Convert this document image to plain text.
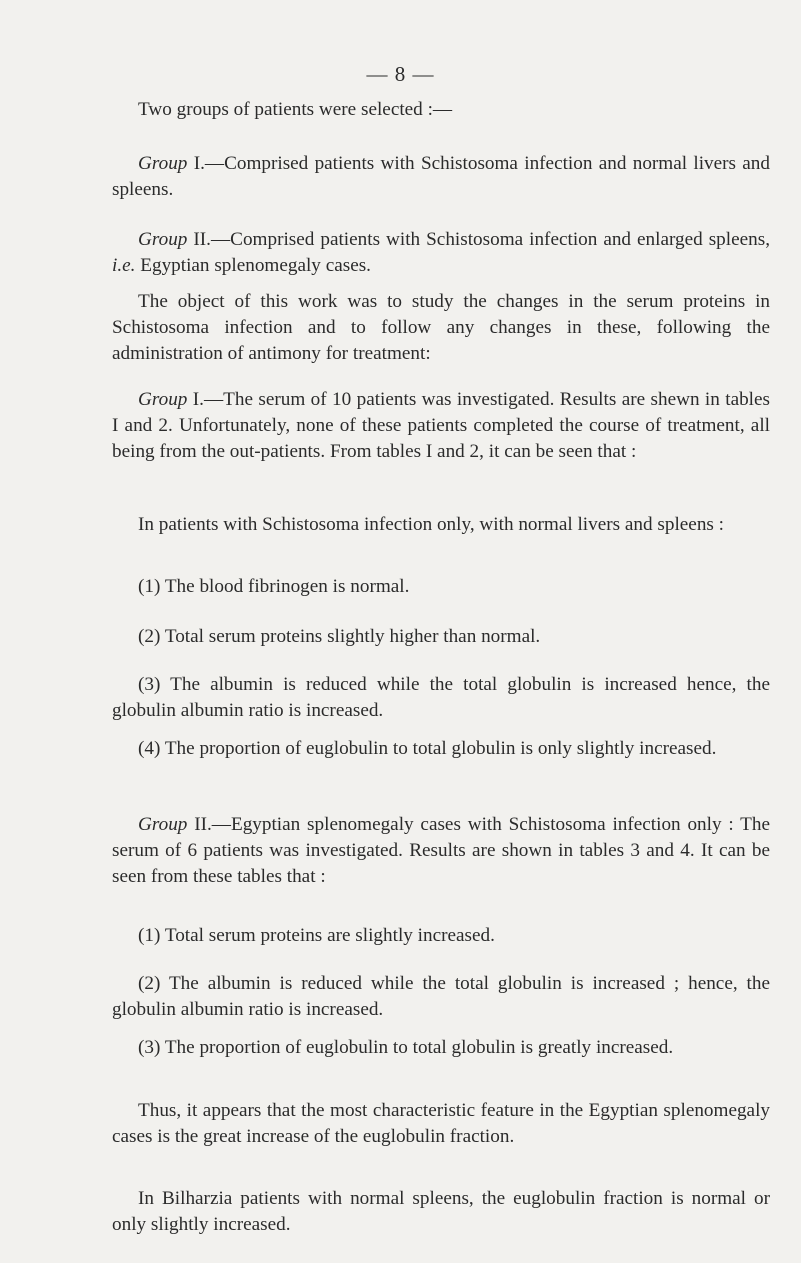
— 8 —

Two groups of patients were selected :—

Group I.—Comprised patients with Schistosoma infection and normal livers and spleens.

Group II.—Comprised patients with Schistosoma infection and enlarged spleens, i.e. Egyptian splenomegaly cases.

The object of this work was to study the changes in the serum proteins in Schistosoma infection and to follow any changes in these, following the administration of antimony for treatment:

Group I.—The serum of 10 patients was investigated. Results are shewn in tables I and 2. Unfortunately, none of these patients completed the course of treatment, all being from the out-patients. From tables I and 2, it can be seen that :

In patients with Schistosoma infection only, with normal livers and spleens :

(1) The blood fibrinogen is normal.

(2) Total serum proteins slightly higher than normal.

(3) The albumin is reduced while the total globulin is increased hence, the globulin albumin ratio is increased.

(4) The proportion of euglobulin to total globulin is only slightly increased.

Group II.—Egyptian splenomegaly cases with Schistosoma infection only : The serum of 6 patients was investigated. Results are shown in tables 3 and 4. It can be seen from these tables that :

(1) Total serum proteins are slightly increased.

(2) The albumin is reduced while the total globulin is increased ; hence, the globulin albumin ratio is increased.

(3) The proportion of euglobulin to total globulin is greatly increased.

Thus, it appears that the most characteristic feature in the Egyptian splenomegaly cases is the great increase of the euglobulin fraction.

In Bilharzia patients with normal spleens, the euglobulin fraction is normal or only slightly increased.
